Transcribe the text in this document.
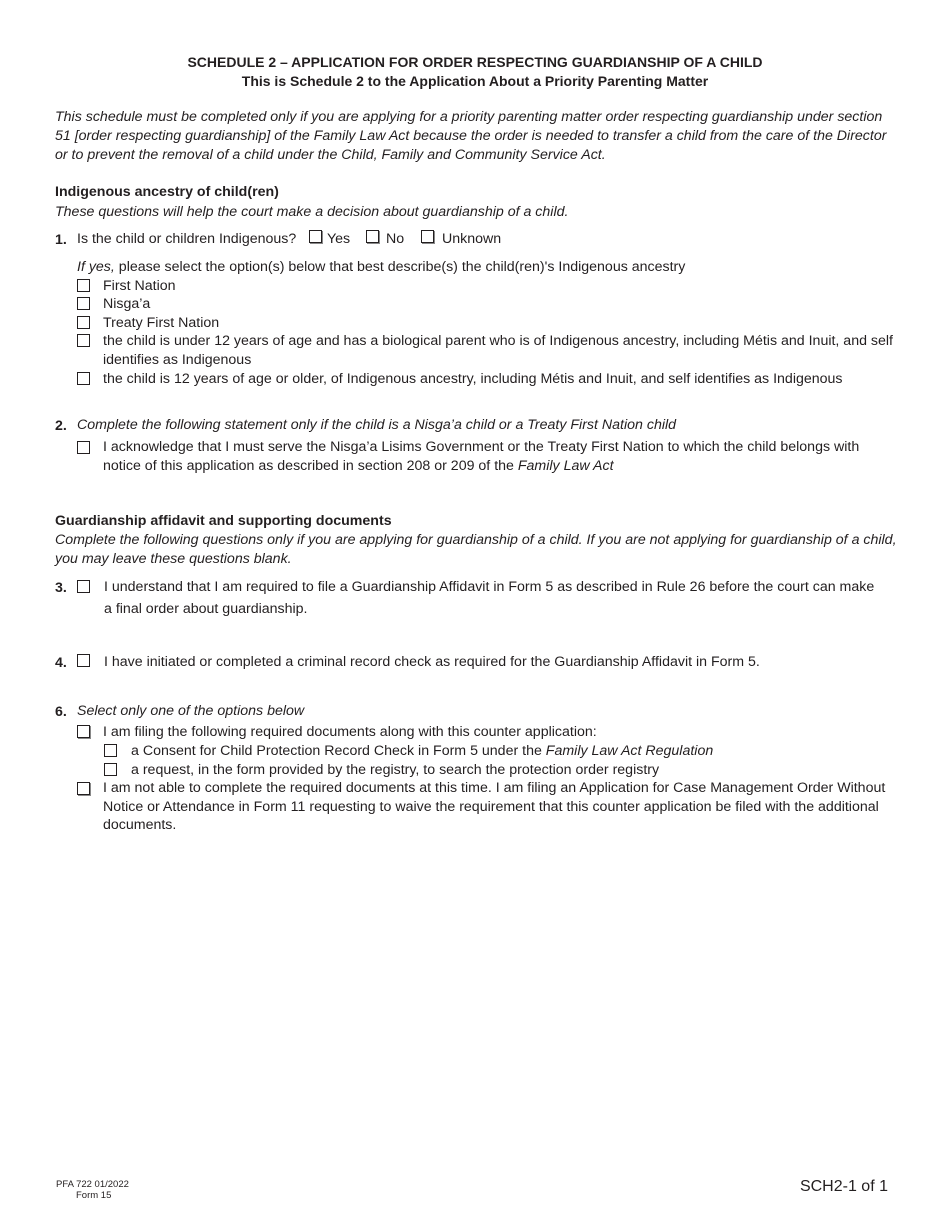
SCHEDULE 2 – APPLICATION FOR ORDER RESPECTING GUARDIANSHIP OF A CHILD
This is Schedule 2 to the Application About a Priority Parenting Matter
This schedule must be completed only if you are applying for a priority parenting matter order respecting guardianship under section 51 [order respecting guardianship] of the Family Law Act because the order is needed to transfer a child from the care of the Director or to prevent the removal of a child under the Child, Family and Community Service Act.
Indigenous ancestry of child(ren)
These questions will help the court make a decision about guardianship of a child.
1. Is the child or children Indigenous? Yes	No	Unknown
If yes, please select the option(s) below that best describe(s) the child(ren)'s Indigenous ancestry
First Nation
Nisga’a
Treaty First Nation
the child is under 12 years of age and has a biological parent who is of Indigenous ancestry, including Métis and Inuit, and self identifies as Indigenous
the child is 12 years of age or older, of Indigenous ancestry, including Métis and Inuit, and self identifies as Indigenous
2. Complete the following statement only if the child is a Nisga’a child or a Treaty First Nation child
I acknowledge that I must serve the Nisga’a Lisims Government or the Treaty First Nation to which the child belongs with notice of this application as described in section 208 or 209 of the Family Law Act
Guardianship affidavit and supporting documents
Complete the following questions only if you are applying for guardianship of a child. If you are not applying for guardianship of a child, you may leave these questions blank.
3.	I understand that I am required to file a Guardianship Affidavit in Form 5 as described in Rule 26 before the court can make
a final order about guardianship.
4.	I have initiated or completed a criminal record check as required for the Guardianship Affidavit in Form 5.
6. Select only one of the options below
I am filing the following required documents along with this counter application:
a Consent for Child Protection Record Check in Form 5 under the Family Law Act Regulation
a request, in the form provided by the registry, to search the protection order registry
I am not able to complete the required documents at this time. I am filing an Application for Case Management Order Without Notice or Attendance in Form 11 requesting to waive the requirement that this counter application be filed with the additional documents.
PFA 722 01/2022
Form 15
SCH2-1 of 1
